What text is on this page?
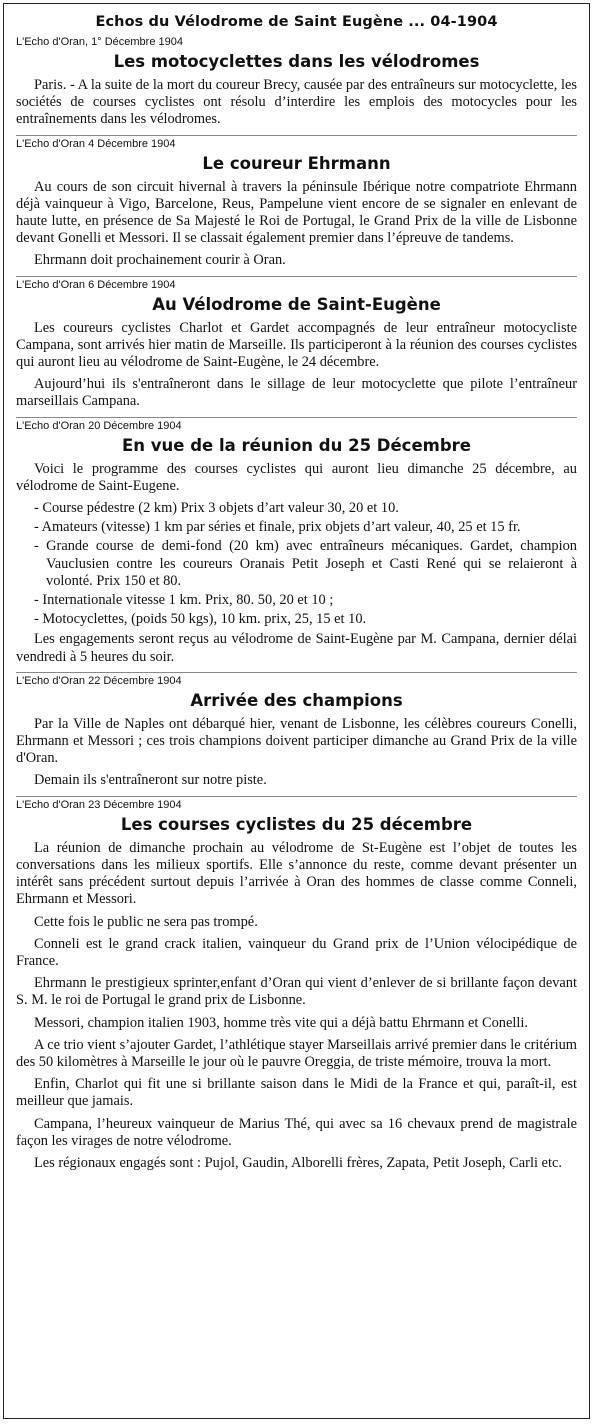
Echos du Vélodrome de Saint Eugène ... 04-1904
L'Echo d'Oran, 1° Décembre 1904
Les motocyclettes dans les vélodromes

Paris. - A la suite de la mort du coureur Brecy, causée par des entraîneurs sur motocyclette, les sociétés de courses cyclistes ont résolu d’interdire les emplois des motocycles pour les entraînements dans les vélodromes.

L'Echo d'Oran 4 Décembre 1904
Le coureur Ehrmann

Au cours de son circuit hivernal à travers la péninsule Ibérique notre compatriote Ehrmann déjà vainqueur à Vigo, Barcelone, Reus, Pampelune vient encore de se signaler en enlevant de haute lutte, en présence de Sa Majesté le Roi de Portugal, le Grand Prix de la ville de Lisbonne devant Gonelli et Messori. Il se classait également premier dans l’épreuve de tandems.

Ehrmann doit prochainement courir à Oran.

L'Echo d'Oran 6 Décembre 1904
Au Vélodrome de Saint-Eugène

Les coureurs cyclistes Charlot et Gardet accompagnés de leur entraîneur motocycliste Campana, sont arrivés hier matin de Marseille. Ils participeront à la réunion des courses cyclistes qui auront lieu au vélodrome de Saint-Eugène, le 24 décembre.

Aujourd’hui ils s'entraîneront dans le sillage de leur motocyclette que pilote l’entraîneur marseillais Campana.

L'Echo d'Oran 20 Décembre 1904
En vue de la réunion du 25 Décembre

Voici le programme des courses cyclistes qui auront lieu dimanche 25 décembre, au vélodrome de Saint-Eugene.

- Course pédestre (2 km) Prix 3 objets d’art valeur 30, 20 et 10.
- Amateurs (vitesse) 1 km par séries et finale, prix objets d’art valeur, 40, 25 et 15 fr.
- Grande course de demi-fond (20 km) avec entraîneurs mécaniques. Gardet, champion Vauclusien contre les coureurs Oranais Petit Joseph et Casti René qui se relaieront à volonté. Prix 150 et 80.
- Internationale vitesse 1 km. Prix, 80. 50, 20 et 10 ;
- Motocyclettes, (poids 50 kgs), 10 km. prix, 25, 15 et 10.

Les engagements seront reçus au vélodrome de Saint-Eugène par M. Campana, dernier délai vendredi à 5 heures du soir.

L'Echo d'Oran 22 Décembre 1904
Arrivée des champions

Par la Ville de Naples ont débarqué hier, venant de Lisbonne, les célèbres coureurs Conelli, Ehrmann et Messori ; ces trois champions doivent participer dimanche au Grand Prix de la ville d'Oran.

Demain ils s'entraîneront sur notre piste.

L'Echo d'Oran 23 Décembre 1904
Les courses cyclistes du 25 décembre

La réunion de dimanche prochain au vélodrome de St-Eugène est l’objet de toutes les conversations dans les milieux sportifs. Elle s’annonce du reste, comme devant présenter un intérêt sans précédent surtout depuis l’arrivée à Oran des hommes de classe comme Conneli, Ehrmann et Messori.

Cette fois le public ne sera pas trompé.

Conneli est le grand crack italien, vainqueur du Grand prix de l’Union vélocipédique de France.

Ehrmann le prestigieux sprinter,enfant d’Oran qui vient d’enlever de si brillante façon devant S. M. le roi de Portugal le grand prix de Lisbonne.

Messori, champion italien 1903, homme très vite qui a déjà battu Ehrmann et Conelli.

A ce trio vient s’ajouter Gardet, l’athlétique stayer Marseillais arrivé premier dans le critérium des 50 kilomètres à Marseille le jour où le pauvre Oreggia, de triste mémoire, trouva la mort.

Enfin, Charlot qui fit une si brillante saison dans le Midi de la France et qui, paraît-il, est meilleur que jamais.

Campana, l’heureux vainqueur de Marius Thé, qui avec sa 16 chevaux prend de magistrale façon les virages de notre vélodrome.

Les régionaux engagés sont : Pujol, Gaudin, Alborelli frères, Zapata, Petit Joseph, Carli etc.
